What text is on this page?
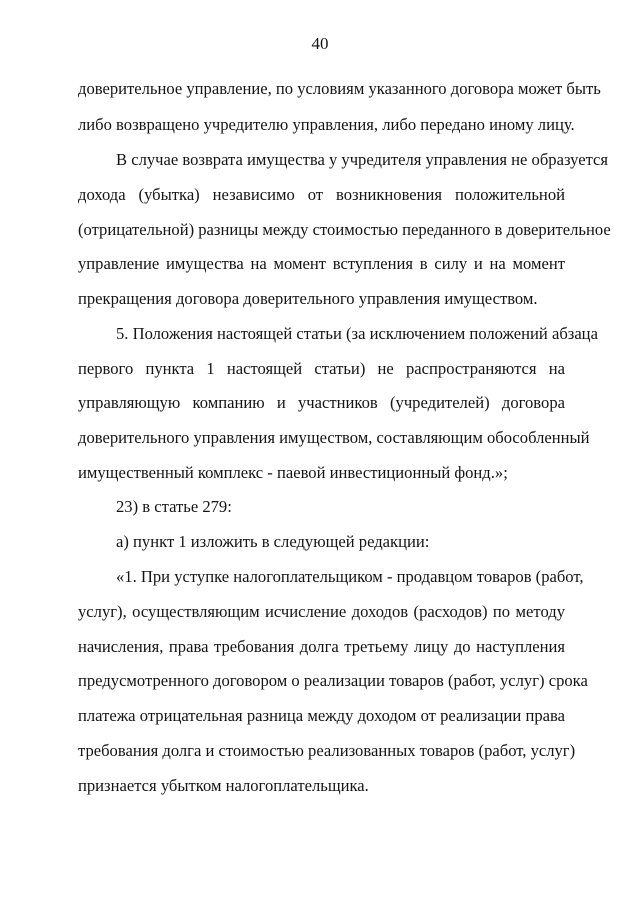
40
доверительное управление, по условиям указанного договора может быть
либо возвращено учредителю управления, либо передано иному лицу.
В случае возврата имущества у учредителя управления не образуется
дохода (убытка) независимо от возникновения положительной
(отрицательной) разницы между стоимостью переданного в доверительное
управление имущества на момент вступления в силу и на момент
прекращения договора доверительного управления имуществом.
5. Положения настоящей статьи (за исключением положений абзаца
первого пункта 1 настоящей статьи) не распространяются на
управляющую компанию и участников (учредителей) договора
доверительного управления имуществом, составляющим обособленный
имущественный комплекс - паевой инвестиционный фонд.»;
23) в статье 279:
а) пункт 1 изложить в следующей редакции:
«1. При уступке налогоплательщиком - продавцом товаров (работ,
услуг), осуществляющим исчисление доходов (расходов) по методу
начисления, права требования долга третьему лицу до наступления
предусмотренного договором о реализации товаров (работ, услуг) срока
платежа отрицательная разница между доходом от реализации права
требования долга и стоимостью реализованных товаров (работ, услуг)
признается убытком налогоплательщика.
